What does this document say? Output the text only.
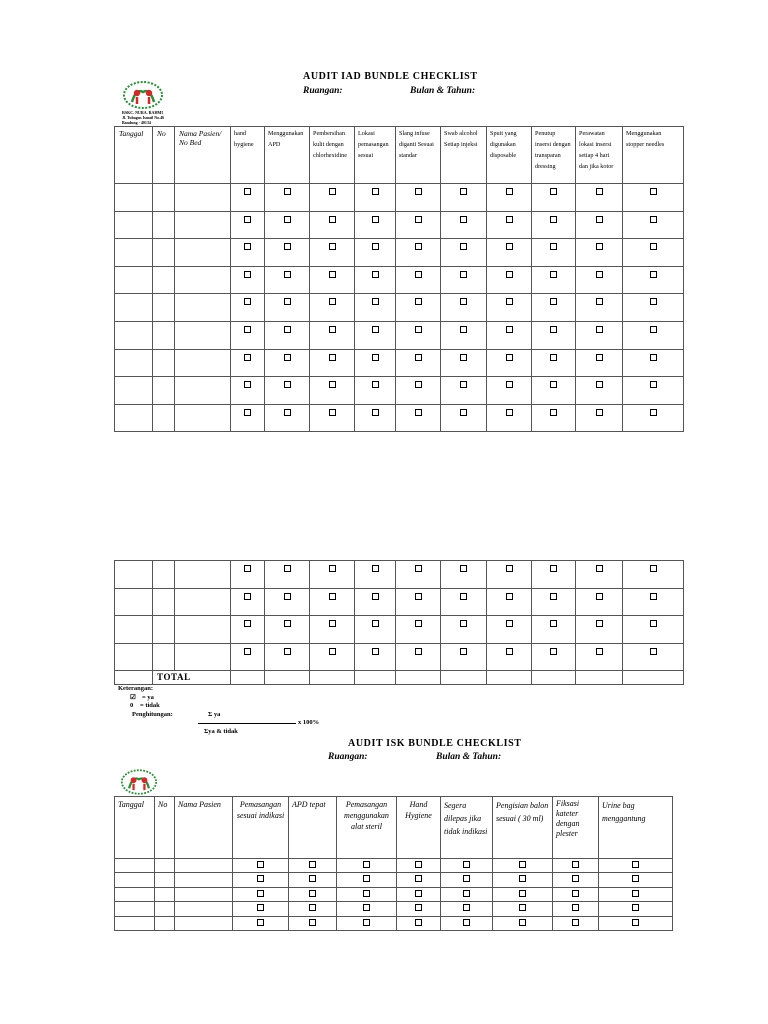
RSKC. NURA. RAHMI
Jl. Tubagus Ismail No.46
Bandung - 40134
AUDIT IAD BUNDLE CHECKLIST
Ruangan:	Bulan & Tahun:
Tanggal	No	Nama Pasien/ No Bed	hand hygiene	Menggunakan APD	Pembersihan kulit dengan chlorhexidine	Lokasi pemasangan sesuai	Slang infuse diganti Sesuai standar	Swab alcohol Setiap injeksi	Spuit yang digunakan disposable	Penutup insersi dengan transparan dressing	Perawatan lokasi insersi setiap 4 hari dan jika kotor	Menggunakan stopper needles

	TOTAL											
Keterangan:
☑ = ya
0 = tidak
Penghitungan:	Σ ya
x 100%
Σya & tidak
AUDIT ISK BUNDLE CHECKLIST
Ruangan:	Bulan & Tahun:
Tanggal	No	Nama Pasien	Pemasangan sesuai indikasi	APD tepat	Pemasangan menggunakan alat steril	Hand Hygiene	Segera dilepas jika tidak indikasi	Pengisian balon sesuai ( 30 ml)	Fiksasi kateter dengan plester	Urine bag menggantung
